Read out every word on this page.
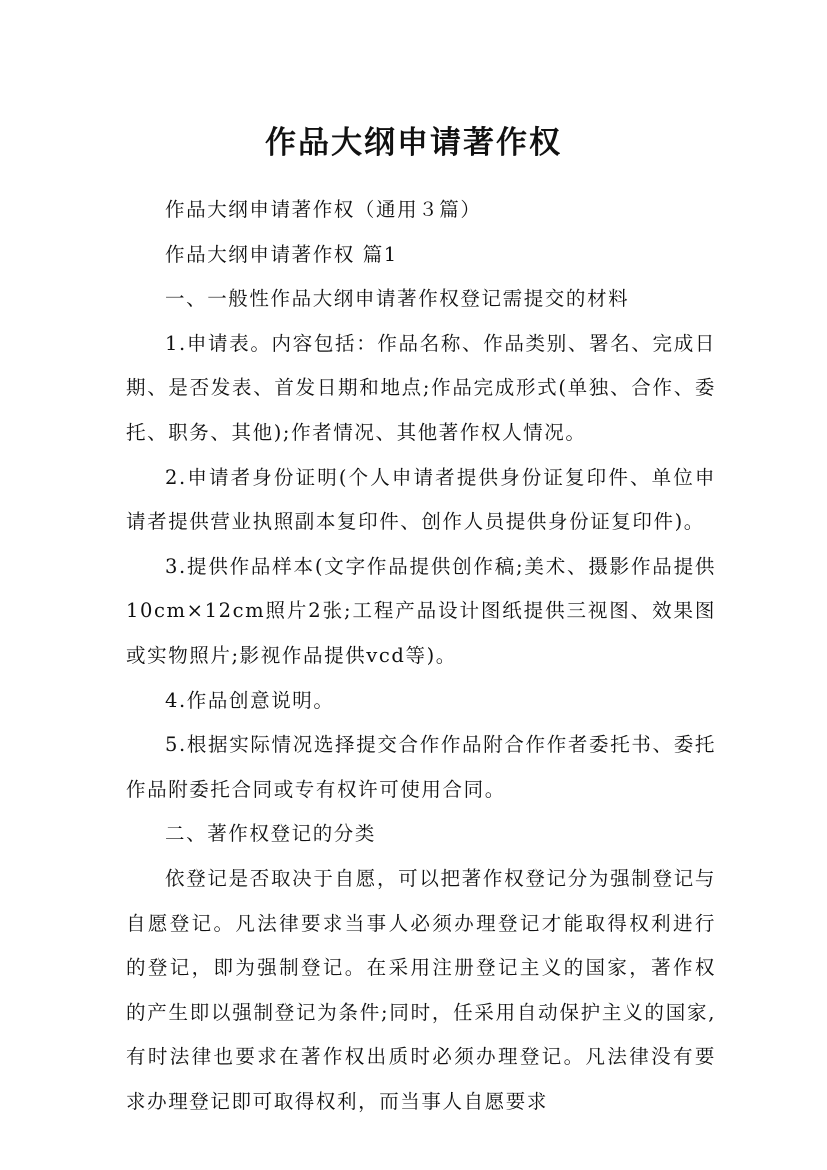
作品大纲申请著作权

作品大纲申请著作权（通用３篇）

作品大纲申请著作权 篇1

一、一般性作品大纲申请著作权登记需提交的材料

1.申请表。内容包括：作品名称、作品类别、署名、完成日期、是否发表、首发日期和地点;作品完成形式(单独、合作、委托、职务、其他);作者情况、其他著作权人情况。

2.申请者身份证明(个人申请者提供身份证复印件、单位申请者提供营业执照副本复印件、创作人员提供身份证复印件)。

3.提供作品样本(文字作品提供创作稿;美术、摄影作品提供10cm×12cm照片2张;工程产品设计图纸提供三视图、效果图或实物照片;影视作品提供vcd等)。

4.作品创意说明。

5.根据实际情况选择提交合作作品附合作作者委托书、委托作品附委托合同或专有权许可使用合同。

二、著作权登记的分类

依登记是否取决于自愿，可以把著作权登记分为强制登记与自愿登记。凡法律要求当事人必须办理登记才能取得权利进行的登记，即为强制登记。在采用注册登记主义的国家，著作权的产生即以强制登记为条件;同时，任采用自动保护主义的国家,有时法律也要求在著作权出质时必须办理登记。凡法律没有要求办理登记即可取得权利，而当事人自愿要求
